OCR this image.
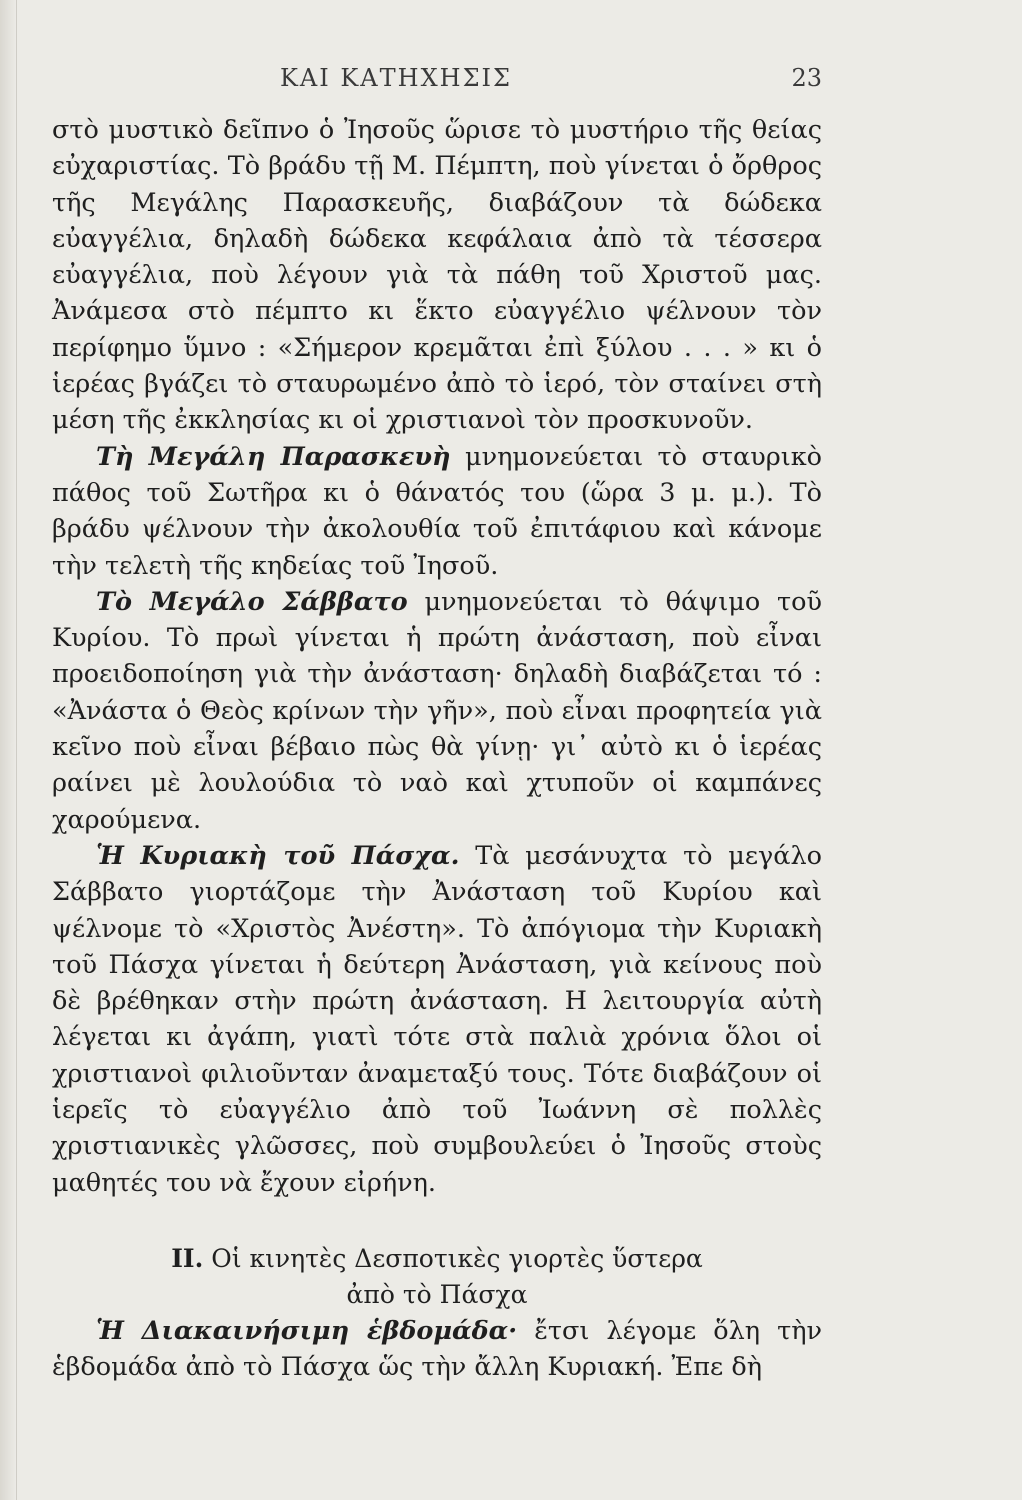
ΚΑΙ ΚΑΤΗΧΗΣΙΣ	23

στὸ μυστικὸ δεῖπνο ὁ Ἰησοῦς ὥρισε τὸ μυστήριο τῆς θείας εὐχαριστίας. Τὸ βράδυ τῇ Μ. Πέμπτη, ποὺ γίνεται ὁ ὄρθρος τῆς Μεγάλης Παρασκευῆς, διαβάζουν τὰ δώδεκα εὐαγγέλια, δηλαδὴ δώδεκα κεφάλαια ἀπὸ τὰ τέσσερα εὐαγγέλια, ποὺ λέγουν γιὰ τὰ πάθη τοῦ Χριστοῦ μας. Ἀνάμεσα στὸ πέμπτο κι ἕκτο εὐαγγέλιο ψέλνουν τὸν περίφημο ὕμνο : «Σήμερον κρεμᾶται ἐπὶ ξύλου . . . » κι ὁ ἱερέας βγάζει τὸ σταυρωμένο ἀπὸ τὸ ἱερό, τὸν σταίνει στὴ μέση τῆς ἐκκλησίας κι οἱ χριστιανοὶ τὸν προσκυνοῦν.

Τὴ Μεγάλη Παρασκευὴ μνημονεύεται τὸ σταυρικὸ πάθος τοῦ Σωτῆρα κι ὁ θάνατός του (ὥρα 3 μ. μ.). Τὸ βράδυ ψέλνουν τὴν ἀκολουθία τοῦ ἐπιτάφιου καὶ κάνομε τὴν τελετὴ τῆς κηδείας τοῦ Ἰησοῦ.

Τὸ Μεγάλο Σάββατο μνημονεύεται τὸ θάψιμο τοῦ Κυρίου. Τὸ πρωὶ γίνεται ἡ πρώτη ἀνάσταση, ποὺ εἶναι προειδοποίηση γιὰ τὴν ἀνάσταση· δηλαδὴ διαβάζεται τό : «Ἀνάστα ὁ Θεὸς κρίνων τὴν γῆν», ποὺ εἶναι προφητεία γιὰ κεῖνο ποὺ εἶναι βέβαιο πὼς θὰ γίνῃ· γι᾽ αὐτὸ κι ὁ ἱερέας ραίνει μὲ λουλούδια τὸ ναὸ καὶ χτυποῦν οἱ καμπάνες χαρούμενα.

Ἡ Κυριακὴ τοῦ Πάσχα. Τὰ μεσάνυχτα τὸ μεγάλο Σάββατο γιορτάζομε τὴν Ἀνάσταση τοῦ Κυρίου καὶ ψέλνομε τὸ «Χριστὸς Ἀνέστη». Τὸ ἀπόγιομα τὴν Κυριακὴ τοῦ Πάσχα γίνεται ἡ δεύτερη Ἀνάσταση, γιὰ κείνους ποὺ δὲ βρέθηκαν στὴν πρώτη ἀνάσταση. Η λειτουργία αὐτὴ λέγεται κι ἀγάπη, γιατὶ τότε στὰ παλιὰ χρόνια ὅλοι οἱ χριστιανοὶ φιλιοῦνταν ἀναμεταξύ τους. Τότε διαβάζουν οἱ ἱερεῖς τὸ εὐαγγέλιο ἀπὸ τοῦ Ἰωάννη σὲ πολλὲς χριστιανικὲς γλῶσσες, ποὺ συμβουλεύει ὁ Ἰησοῦς στοὺς μαθητές του νὰ ἔχουν εἰρήνη.

ΙΙ. Οἱ κινητὲς Δεσποτικὲς γιορτὲς ὕστερα
ἀπὸ τὸ Πάσχα

Ἡ Διακαινήσιμη ἑβδομάδα· ἔτσι λέγομε ὅλη τὴν ἑβδομάδα ἀπὸ τὸ Πάσχα ὥς τὴν ἄλλη Κυριακή. Ἐπε δὴ
